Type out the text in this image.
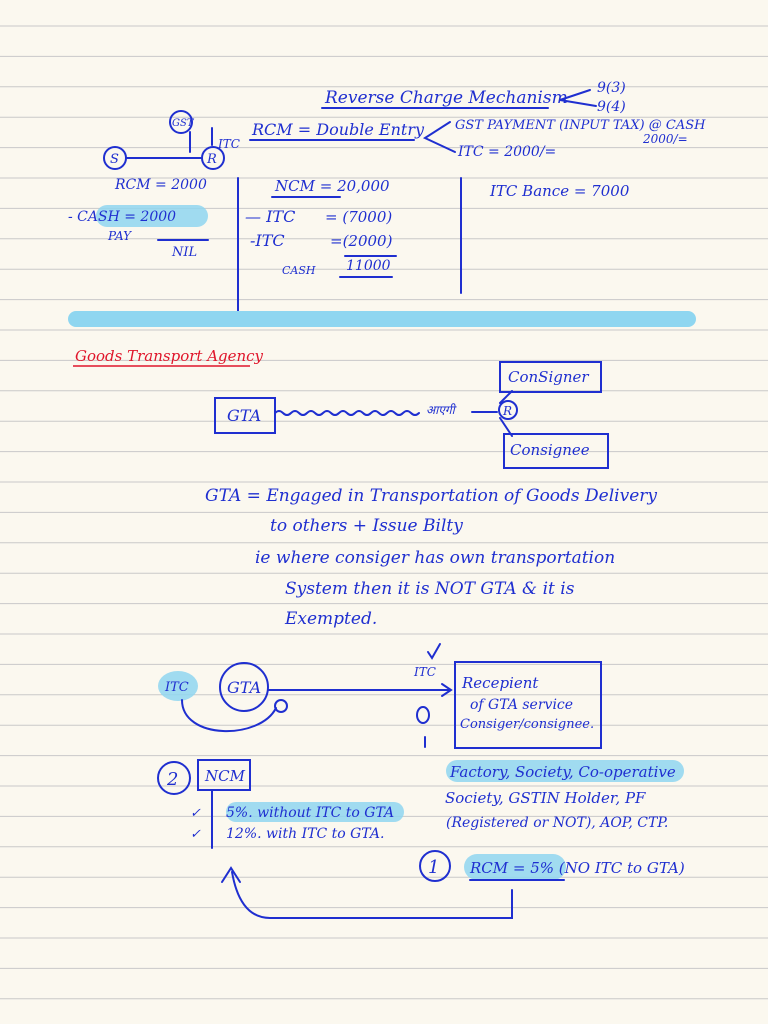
Reverse Charge Mechanism 9(3)
9(4)
GST
ITC
S	R
RCM = Double Entry GST PAYMENT (INPUT TAX) @ CASH
2000/=
ITC = 2000/=
RCM = 2000
- CASH = 2000
PAY
NIL
NCM = 20,000
— ITC = (7000)
-ITC	=(2000)
CASH 11000
ITC Bance = 7000
Goods Transport Agency
GTA	आएगी	R
ConSigner
Consignee
GTA = Engaged in Transportation of Goods Delivery
to others + Issue Bilty
ie where consiger has own transportation
System then it is NOT GTA & it is
Exempted.
ITC GTA
ITC
Recepient
of GTA service
Consiger/consignee.
Factory, Society, Co-operative
Society, GSTIN Holder, PF
(Registered or NOT), AOP, CTP.
2 NCM
✓ 5%. without ITC to GTA
✓ 12%. with ITC to GTA.
1 RCM = 5% (NO ITC to GTA)
